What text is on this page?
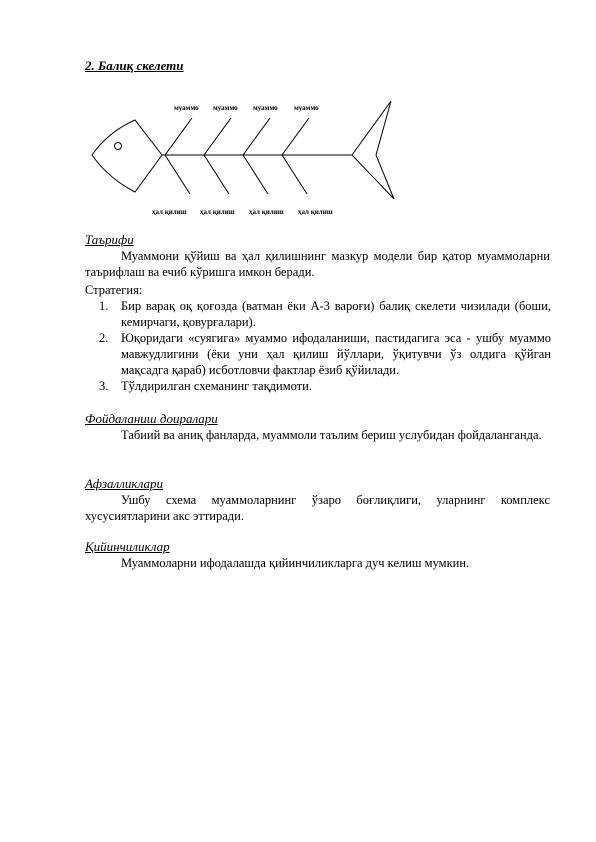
2. Балиқ скелети
муаммо муаммо муаммо муаммо
ҳал қилиш ҳал қилиш ҳал қилиш ҳал қилиш
Таърифи
Муаммони қўйиш ва ҳал қилишнинг мазкур модели бир қатор муаммоларни таърифлаш ва ечиб кўришга имкон беради.
Стратегия:
1. Бир варақ оқ қоғозда (ватман ёки А-3 вароғи) балиқ скелети чизилади (боши, кемирчаги, қовурғалари).
2. Юқоридаги «суягига» муаммо ифодаланиши, пастидагига эса - ушбу муаммо мавжудлигини (ёки уни ҳал қилиш йўллари, ўқитувчи ўз олдига қўйган мақсадга қараб) исботловчи фактлар ёзиб қўйилади.
3. Тўлдирилган схеманинг тақдимоти.
Фойдаланиш доиралари
Табиий ва аниқ фанларда, муаммоли таълим бериш услубидан фойдаланганда.
Афзалликлари
Ушбу схема муаммоларнинг ўзаро боғлиқлиги, уларнинг комплекс хусусиятларини акс эттиради.
Қийинчиликлар
Муаммоларни ифодалашда қийинчиликларга дуч келиш мумкин.
